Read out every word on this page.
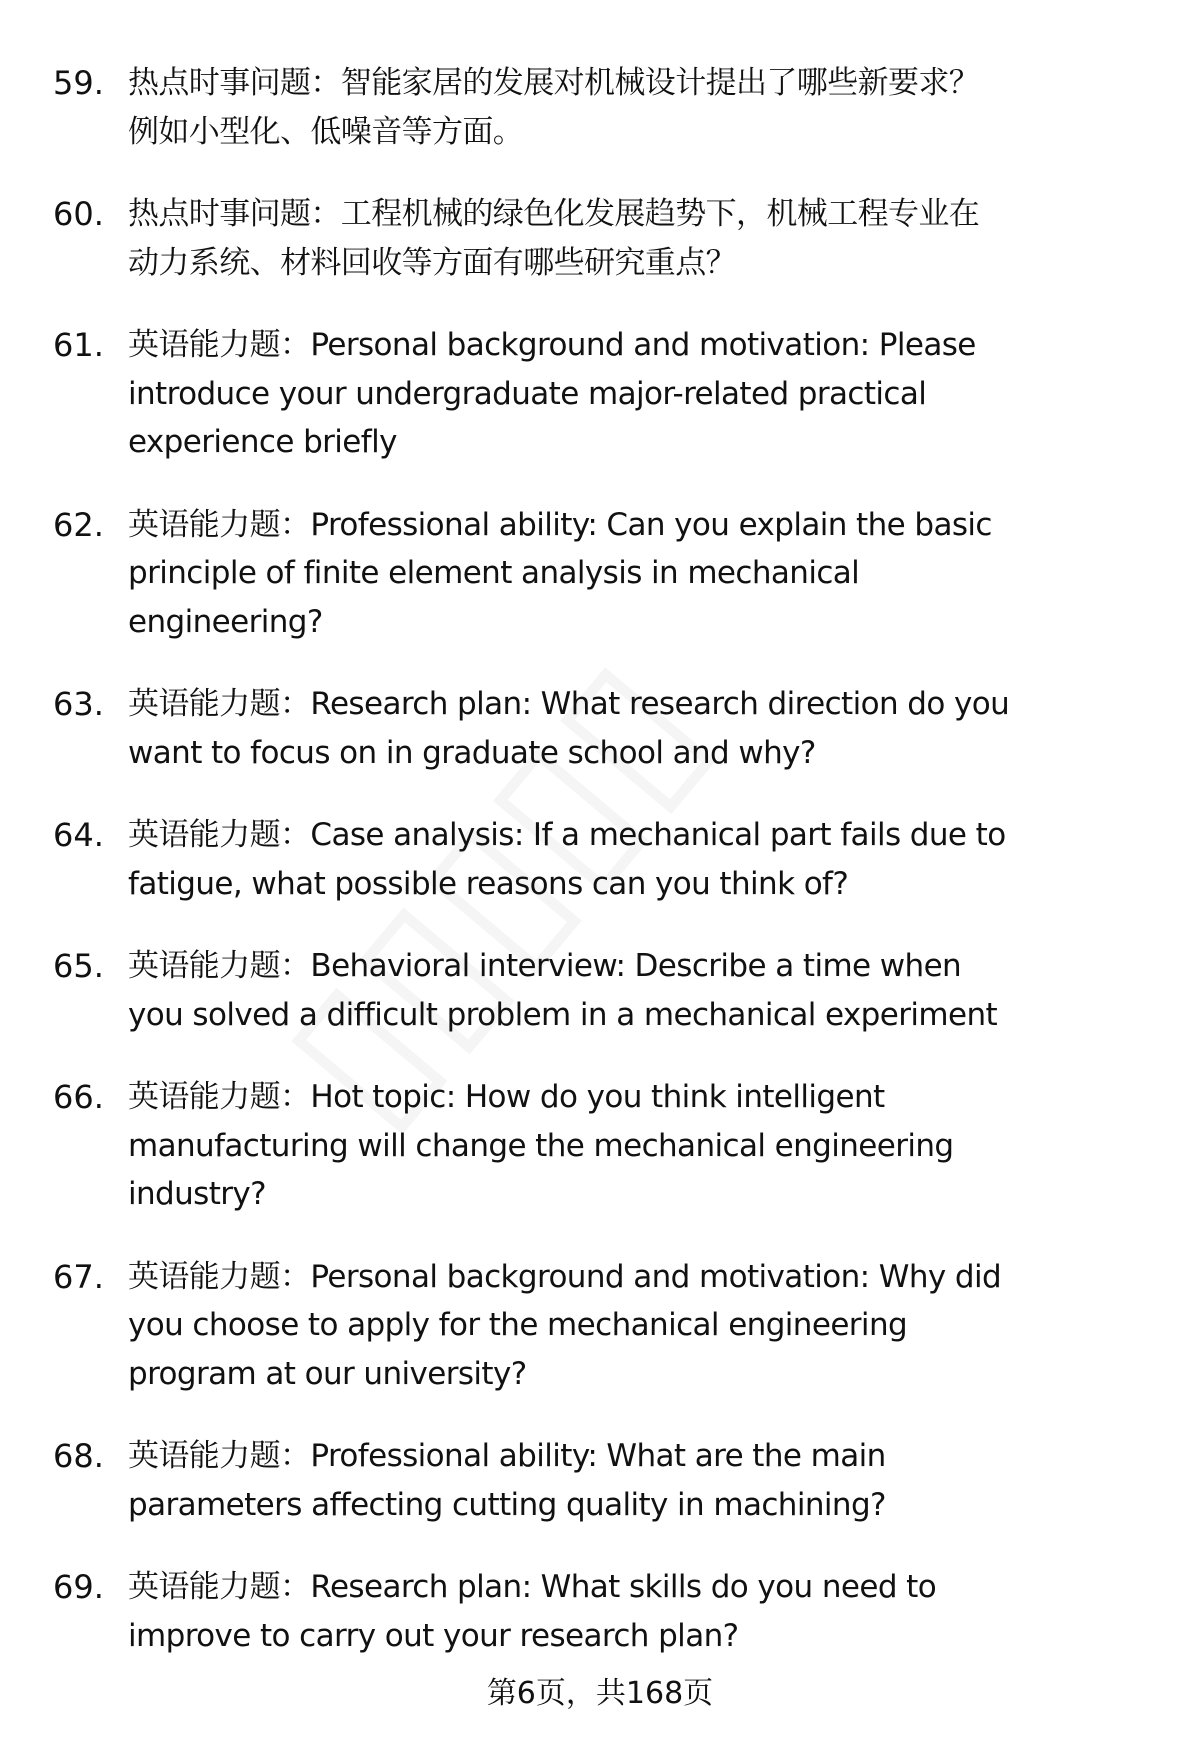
59. 热点时事问题：智能家居的发展对机械设计提出了哪些新要求？
例如小型化、低噪音等方面。
60. 热点时事问题：工程机械的绿色化发展趋势下，机械工程专业在
动力系统、材料回收等方面有哪些研究重点？
61. 英语能力题：Personal background and motivation: Please
introduce your undergraduate major-related practical
experience briefly
62. 英语能力题：Professional ability: Can you explain the basic
principle of finite element analysis in mechanical
engineering?
63. 英语能力题：Research plan: What research direction do you
want to focus on in graduate school and why?
64. 英语能力题：Case analysis: If a mechanical part fails due to
fatigue, what possible reasons can you think of?
65. 英语能力题：Behavioral interview: Describe a time when
you solved a difficult problem in a mechanical experiment
66. 英语能力题：Hot topic: How do you think intelligent
manufacturing will change the mechanical engineering
industry?
67. 英语能力题：Personal background and motivation: Why did
you choose to apply for the mechanical engineering
program at our university?
68. 英语能力题：Professional ability: What are the main
parameters affecting cutting quality in machining?
69. 英语能力题：Research plan: What skills do you need to
improve to carry out your research plan?
第6页，共168页
